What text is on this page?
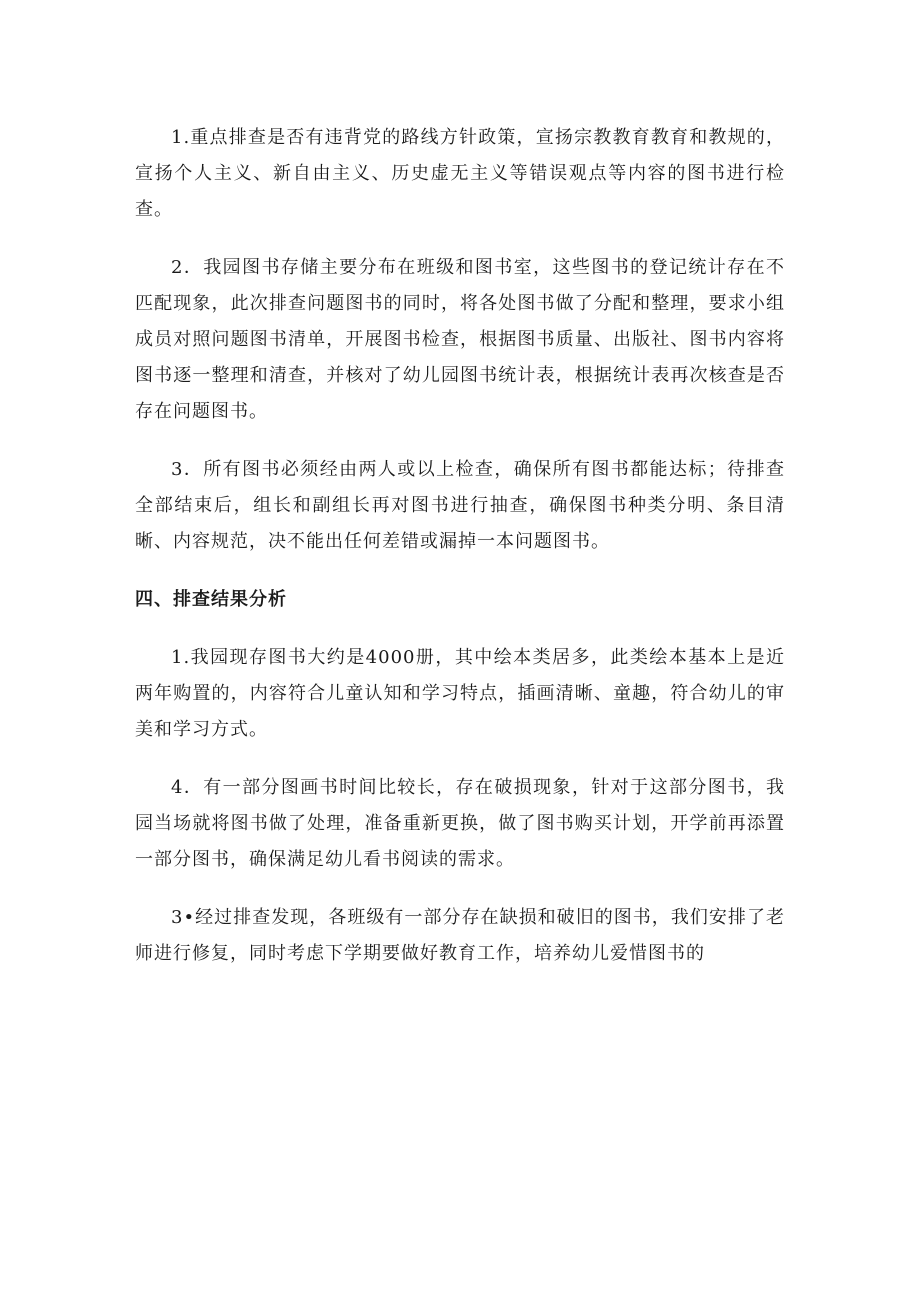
1.重点排查是否有违背党的路线方针政策，宣扬宗教教育教育和教规的，宣扬个人主义、新自由主义、历史虚无主义等错误观点等内容的图书进行检查。

2．我园图书存储主要分布在班级和图书室，这些图书的登记统计存在不匹配现象，此次排查问题图书的同时，将各处图书做了分配和整理，要求小组成员对照问题图书清单，开展图书检查，根据图书质量、出版社、图书内容将图书逐一整理和清查，并核对了幼儿园图书统计表，根据统计表再次核查是否存在问题图书。

3．所有图书必须经由两人或以上检查，确保所有图书都能达标；待排查全部结束后，组长和副组长再对图书进行抽查，确保图书种类分明、条目清晰、内容规范，决不能出任何差错或漏掉一本问题图书。

四、排查结果分析

1.我园现存图书大约是4000册，其中绘本类居多，此类绘本基本上是近两年购置的，内容符合儿童认知和学习特点，插画清晰、童趣，符合幼儿的审美和学习方式。

4．有一部分图画书时间比较长，存在破损现象，针对于这部分图书，我园当场就将图书做了处理，准备重新更换，做了图书购买计划，开学前再添置一部分图书，确保满足幼儿看书阅读的需求。

3•经过排查发现，各班级有一部分存在缺损和破旧的图书，我们安排了老师进行修复，同时考虑下学期要做好教育工作，培养幼儿爱惜图书的
